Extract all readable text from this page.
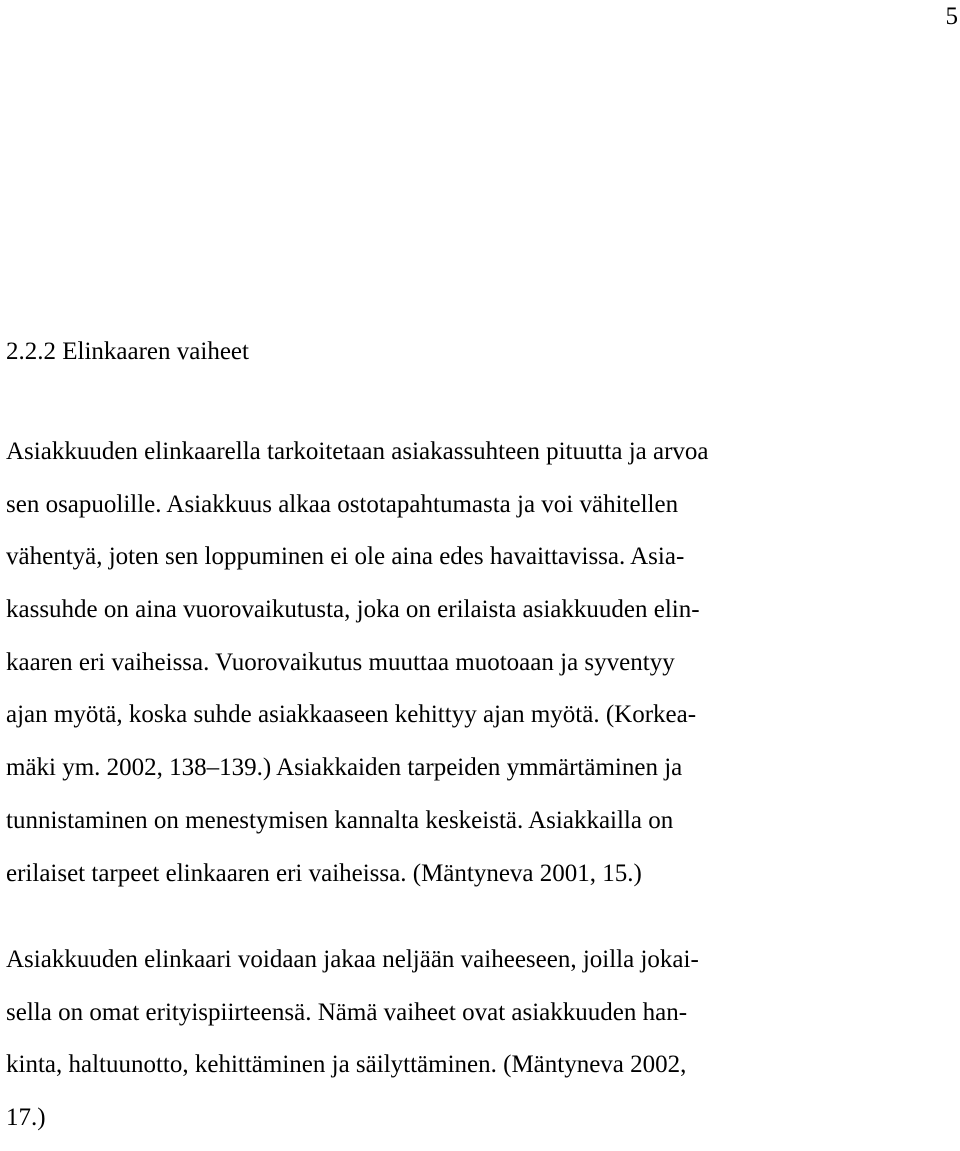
5
2.2.2 Elinkaaren vaiheet
Asiakkuuden elinkaarella tarkoitetaan asiakassuhteen pituutta ja arvoa
sen osapuolille. Asiakkuus alkaa ostotapahtumasta ja voi vähitellen
vähentyä, joten sen loppuminen ei ole aina edes havaittavissa. Asia-
kassuhde on aina vuorovaikutusta, joka on erilaista asiakkuuden elin-
kaaren eri vaiheissa. Vuorovaikutus muuttaa muotoaan ja syventyy
ajan myötä, koska suhde asiakkaaseen kehittyy ajan myötä. (Korkea-
mäki ym. 2002, 138–139.) Asiakkaiden tarpeiden ymmärtäminen ja
tunnistaminen on menestymisen kannalta keskeistä. Asiakkailla on
erilaiset tarpeet elinkaaren eri vaiheissa. (Mäntyneva 2001, 15.)
Asiakkuuden elinkaari voidaan jakaa neljään vaiheeseen, joilla jokai-
sella on omat erityispiirteensä. Nämä vaiheet ovat asiakkuuden han-
kinta, haltuunotto, kehittäminen ja säilyttäminen. (Mäntyneva 2002,
17.)
